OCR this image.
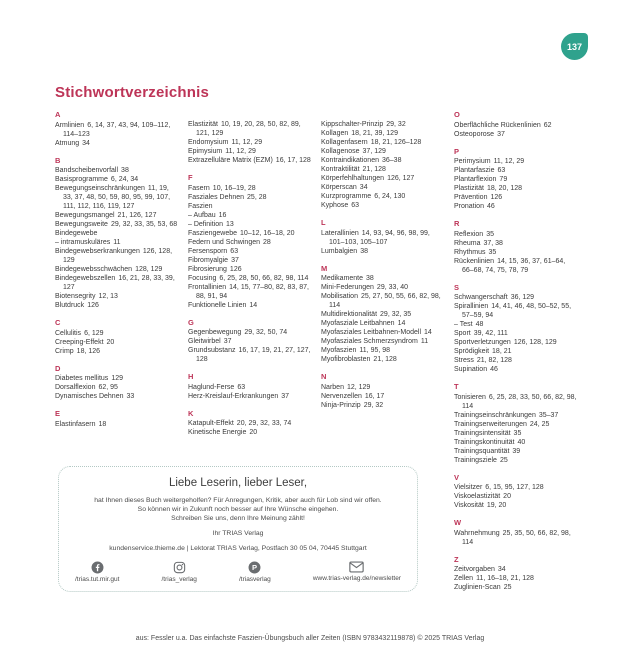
137
Stichwortverzeichnis
A
Armlinien 6, 14, 37, 43, 94, 109–112, 114–123
Atmung 34
B
Bandscheibenvorfall 38
Basisprogramme 6, 24, 34
Bewegungseinschränkungen 11, 19, 33, 37, 48, 50, 59, 80, 95, 99, 107, 111, 112, 116, 119, 127
Bewegungsmangel 21, 126, 127
Bewegungsweite 29, 32, 33, 35, 53, 68
Bindegewebe
– intramuskuläres 11
Bindegewebserkrankungen 126, 128, 129
Bindegewebsschwächen 128, 129
Bindegewebszellen 16, 21, 28, 33, 39, 127
Biotensegrity 12, 13
Blutdruck 126
C
Cellulitis 6, 129
Creeping-Effekt 20
Crimp 18, 126
D
Diabetes mellitus 129
Dorsalflexion 62, 95
Dynamisches Dehnen 33
E
Elastinfasern 18
Elastizität 10, 19, 20, 28, 50, 82, 89, 121, 129
Endomysium 11, 12, 29
Epimysium 11, 12, 29
Extrazelluläre Matrix (EZM) 16, 17, 128
F
Fasern 10, 16–19, 28
Fasziales Dehnen 25, 28
Faszien
– Aufbau 16
– Definition 13
Fasziengewebe 10–12, 16–18, 20
Federn und Schwingen 28
Fersensporn 63
Fibromyalgie 37
Fibrosierung 126
Focusing 6, 25, 28, 50, 66, 82, 98, 114
Frontallinien 14, 15, 77–80, 82, 83, 87, 88, 91, 94
Funktionelle Linien 14
G
Gegenbewegung 29, 32, 50, 74
Gleitwirbel 37
Grundsubstanz 16, 17, 19, 21, 27, 127, 128
H
Haglund-Ferse 63
Herz-Kreislauf-Erkrankungen 37
K
Katapult-Effekt 20, 29, 32, 33, 74
Kinetische Energie 20
Kippschalter-Prinzip 29, 32
Kollagen 18, 21, 39, 129
Kollagenfasern 18, 21, 126–128
Kollagenose 37, 129
Kontraindikationen 36–38
Kontraktilität 21, 128
Körperfehlhaltungen 126, 127
Körperscan 34
Kurzprogramme 6, 24, 130
Kyphose 63
L
Laterallinien 14, 93, 94, 96, 98, 99, 101–103, 105–107
Lumbalgien 38
M
Medikamente 38
Mini-Federungen 29, 33, 40
Mobilisation 25, 27, 50, 55, 66, 82, 98, 114
Multidirektionalität 29, 32, 35
Myofasziale Leitbahnen 14
Myofasziales Leitbahnen-Modell 14
Myofasziales Schmerzsyndrom 11
Myofaszien 11, 95, 98
Myofibroblasten 21, 128
N
Narben 12, 129
Nervenzellen 16, 17
Ninja-Prinzip 29, 32
O
Oberflächliche Rückenlinien 62
Osteoporose 37
P
Perimysium 11, 12, 29
Plantarfaszie 63
Plantarflexion 79
Plastizität 18, 20, 128
Prävention 126
Pronation 46
R
Reflexion 35
Rheuma 37, 38
Rhythmus 35
Rückenlinien 14, 15, 36, 37, 61–64, 66–68, 74, 75, 78, 79
S
Schwangerschaft 36, 129
Spirallinien 14, 41, 46, 48, 50–52, 55, 57–59, 94
– Test 48
Sport 39, 42, 111
Sportverletzungen 126, 128, 129
Sprödigkeit 18, 21
Stress 21, 82, 128
Supination 46
T
Tonisieren 6, 25, 28, 33, 50, 66, 82, 98, 114
Trainingseinschränkungen 35–37
Trainingserweiterungen 24, 25
Trainingsintensität 35
Trainingskontinuität 40
Trainingsquantität 39
Trainingsziele 25
V
Vielsitzer 6, 15, 95, 127, 128
Viskoelastizität 20
Viskosität 19, 20
W
Wahrnehmung 25, 35, 50, 66, 82, 98, 114
Z
Zeitvorgaben 34
Zellen 11, 16–18, 21, 128
Zuglinien-Scan 25
Liebe Leserin, lieber Leser,
hat Ihnen dieses Buch weitergeholfen? Für Anregungen, Kritik, aber auch für Lob sind wir offen.
So können wir in Zukunft noch besser auf Ihre Wünsche eingehen.
Schreiben Sie uns, denn Ihre Meinung zählt!
Ihr TRIAS Verlag
kundenservice.thieme.de | Lektorat TRIAS Verlag, Postfach 30 05 04, 70445 Stuttgart
/trias.tut.mir.gut	/trias_verlag
P
/triasverlag	www.trias-verlag.de/newsletter
aus: Fessler u.a. Das einfachste Faszien-Übungsbuch aller Zeiten (ISBN 9783432119878) © 2025 TRIAS Verlag
